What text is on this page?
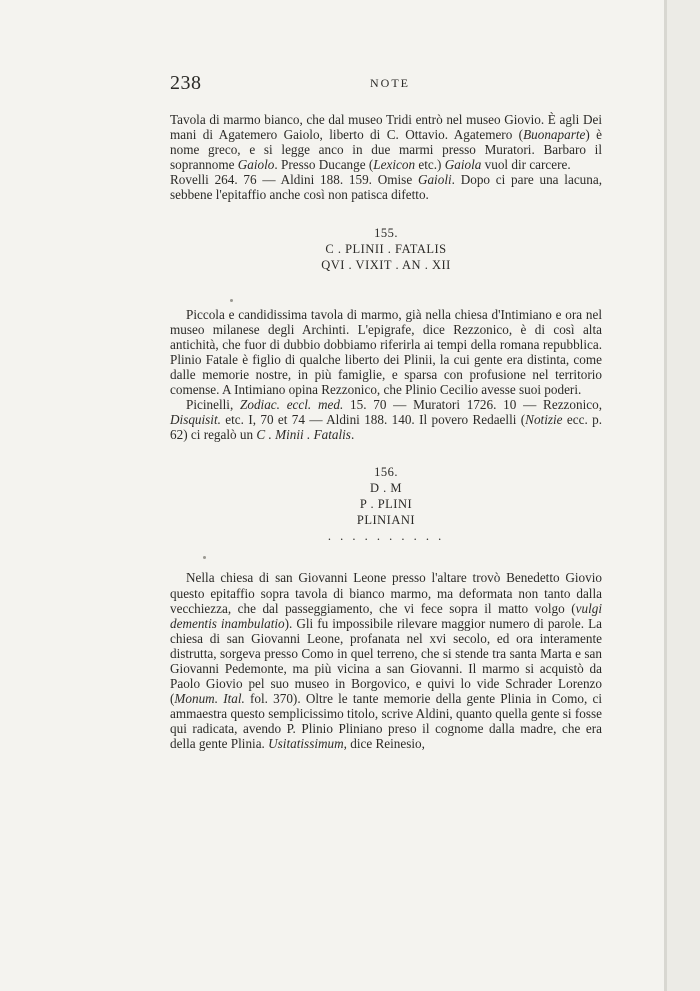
238	NOTE

Tavola di marmo bianco, che dal museo Tridi entrò nel museo Giovio. È agli Dei mani di Agatemero Gaiolo, liberto di C. Ottavio. Agatemero (Buonaparte) è nome greco, e si legge anco in due marmi presso Muratori. Barbaro il soprannome Gaiolo. Presso Ducange (Lexicon etc.) Gaiola vuol dir carcere.

Rovelli 264. 76 — Aldini 188. 159. Omise Gaioli. Dopo ci pare una lacuna, sebbene l'epitaffio anche così non patisca difetto.

155.

C . PLINII . FATALIS

QVI . VIXIT . AN . XII

Piccola e candidissima tavola di marmo, già nella chiesa d'Intimiano e ora nel museo milanese degli Archinti. L'epigrafe, dice Rezzonico, è di così alta antichità, che fuor di dubbio dobbiamo riferirla ai tempi della romana repubblica. Plinio Fatale è figlio di qualche liberto dei Plinii, la cui gente era distinta, come dalle memorie nostre, in più famiglie, e sparsa con profusione nel territorio comense. A Intimiano opina Rezzonico, che Plinio Cecilio avesse suoi poderi.

Picinelli, Zodiac. eccl. med. 15. 70 — Muratori 1726. 10 — Rezzonico, Disquisit. etc. I, 70 et 74 — Aldini 188. 140. Il povero Redaelli (Notizie ecc. p. 62) ci regalò un C . Minii . Fatalis.

156.

D . M

P . PLINI

PLINIANI

. . . . . . . . . .

Nella chiesa di san Giovanni Leone presso l'altare trovò Benedetto Giovio questo epitaffio sopra tavola di bianco marmo, ma deformata non tanto dalla vecchiezza, che dal passeggiamento, che vi fece sopra il matto volgo (vulgi dementis inambulatio). Gli fu impossibile rilevare maggior numero di parole. La chiesa di san Giovanni Leone, profanata nel xvi secolo, ed ora interamente distrutta, sorgeva presso Como in quel terreno, che si stende tra santa Marta e san Giovanni Pedemonte, ma più vicina a san Giovanni. Il marmo si acquistò da Paolo Giovio pel suo museo in Borgovico, e quivi lo vide Schrader Lorenzo (Monum. Ital. fol. 370). Oltre le tante memorie della gente Plinia in Como, ci ammaestra questo semplicissimo titolo, scrive Aldini, quanto quella gente si fosse qui radicata, avendo P. Plinio Pliniano preso il cognome dalla madre, che era della gente Plinia. Usitatissimum, dice Reinesio,
